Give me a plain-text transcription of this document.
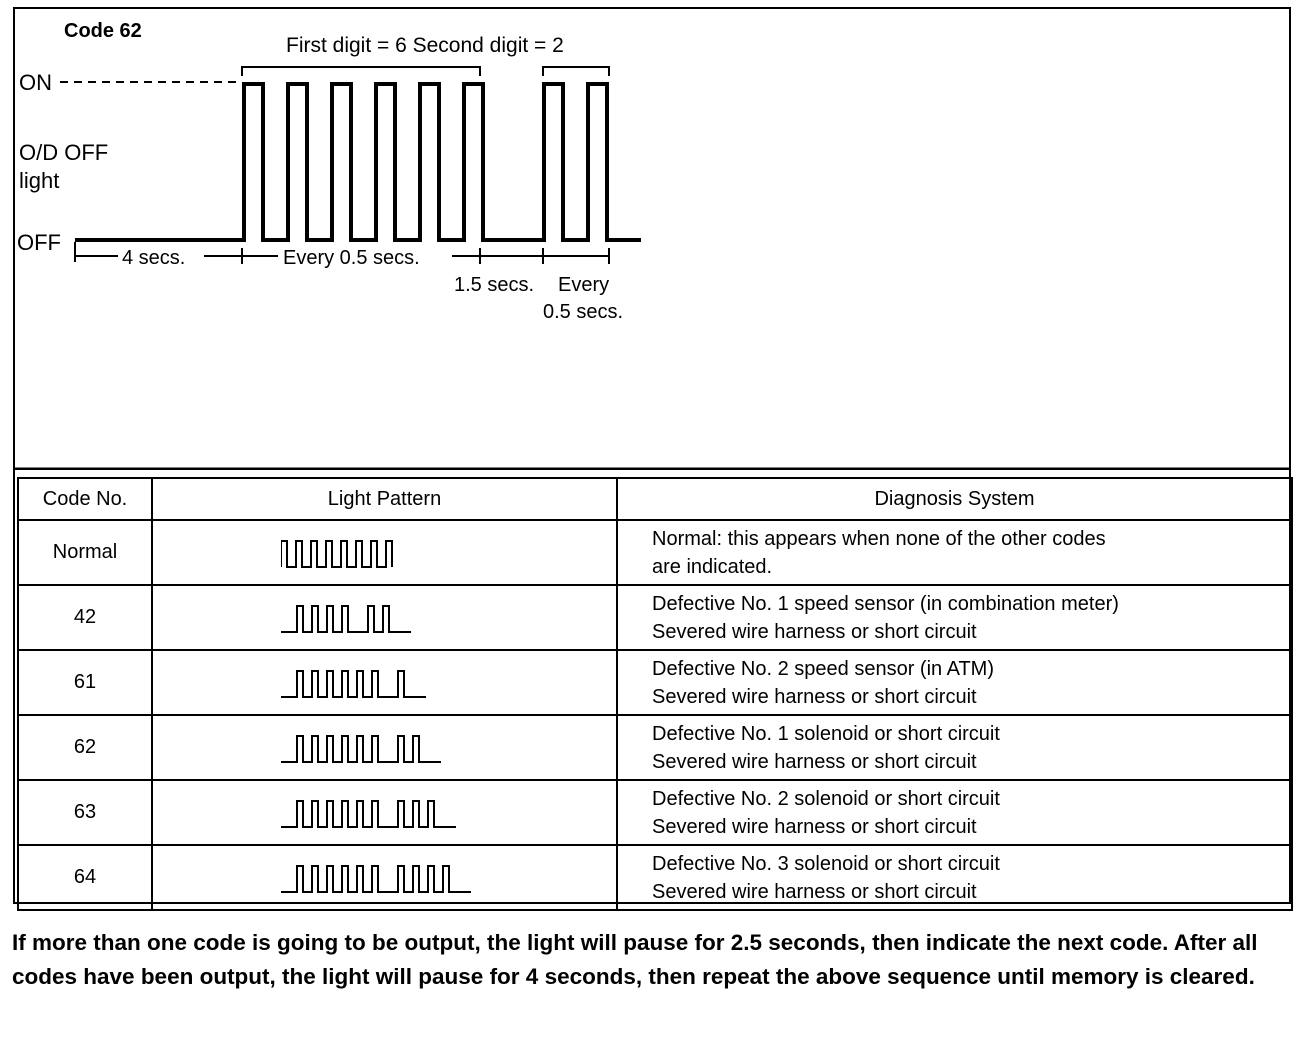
Code 62
First digit = 6 Second digit = 2
ON
O/D OFF
light
OFF
4 secs.	Every 0.5 secs.
1.5 secs. Every
0.5 secs.
Code No.	Light Pattern	Diagnosis System
Normal		Normal: this appears when none of the other codes
are indicated.

42		Defective No. 1 speed sensor (in combination meter)
Severed wire harness or short circuit

61		Defective No. 2 speed sensor (in ATM)
Severed wire harness or short circuit

62		Defective No. 1 solenoid or short circuit
Severed wire harness or short circuit

63		Defective No. 2 solenoid or short circuit
Severed wire harness or short circuit

64		Defective No. 3 solenoid or short circuit
Severed wire harness or short circuit

If more than one code is going to be output, the light will pause for 2.5 seconds, then indicate the next code. After all codes have been output, the light will pause for 4 seconds, then repeat the above sequence until memory is cleared.
